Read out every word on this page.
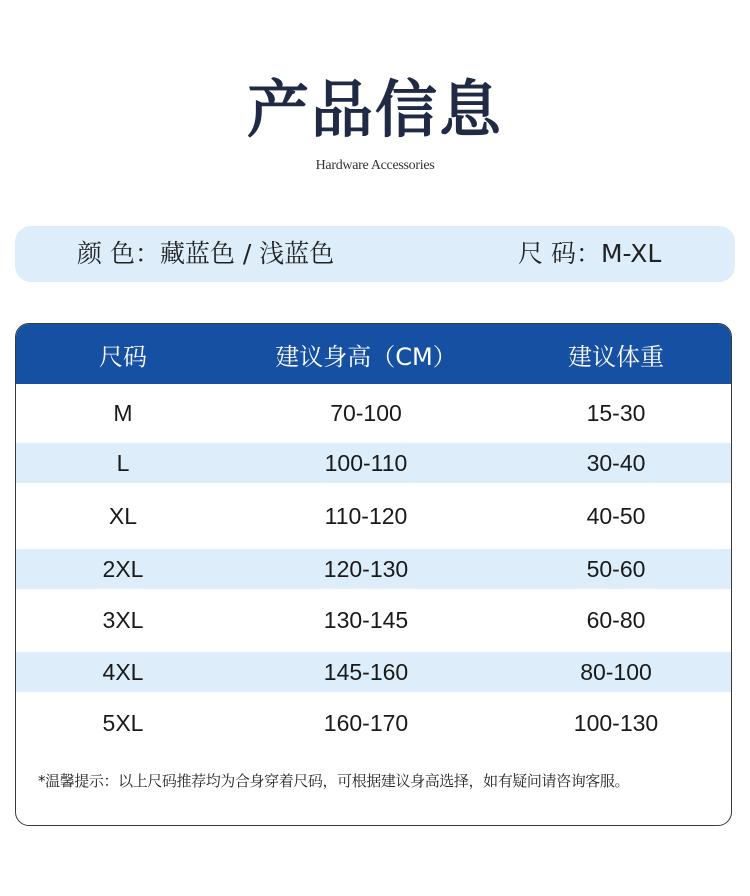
产品信息
Hardware Accessories
颜 色：藏蓝色 / 浅蓝色	尺 码：M-XL
尺码	建议身高（CM）	建议体重
M	70-100	15-30
L	100-110	30-40
XL	110-120	40-50
2XL	120-130	50-60
3XL	130-145	60-80
4XL	145-160	80-100
5XL	160-170	100-130
*温馨提示：以上尺码推荐均为合身穿着尺码，可根据建议身高选择，如有疑问请咨询客服。
